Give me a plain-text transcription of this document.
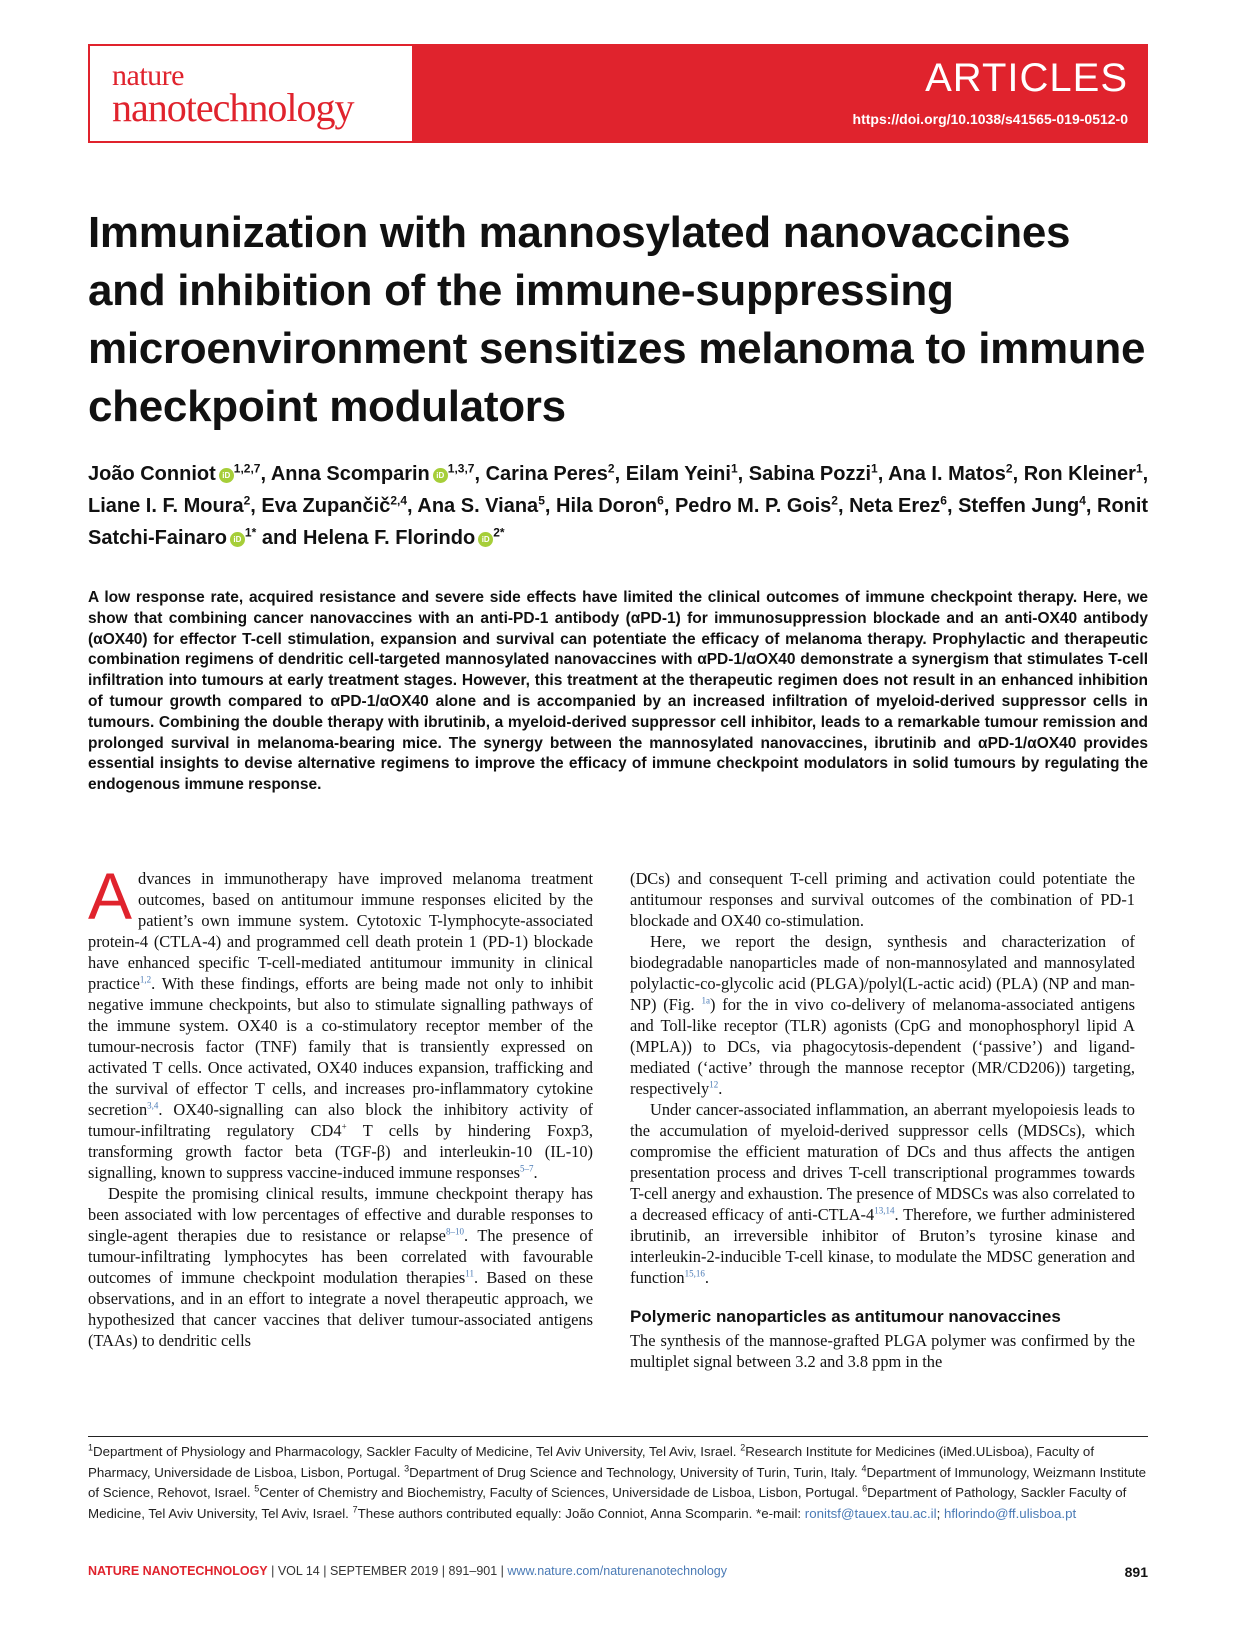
nature
nanotechnology
ARTICLES
https://doi.org/10.1038/s41565-019-0512-0
Immunization with mannosylated nanovaccines and inhibition of the immune-suppressing microenvironment sensitizes melanoma to immune checkpoint modulators

João Conniot iD$^{1,2,7}$, Anna Scomparin iD$^{1,3,7}$, Carina Peres$^2$, Eilam Yeini$^1$, Sabina Pozzi$^1$, Ana I. Matos$^2$, Ron Kleiner$^1$, Liane I. F. Moura$^2$, Eva Zupančič$^{2,4}$, Ana S. Viana$^5$, Hila Doron$^6$, Pedro M. P. Gois$^2$, Neta Erez$^6$, Steffen Jung$^4$, Ronit Satchi-Fainaro $iD^{1*}$ and Helena F. Florindo $iD^{2*}$

A low response rate, acquired resistance and severe side effects have limited the clinical outcomes of immune checkpoint therapy. Here, we show that combining cancer nanovaccines with an anti-PD-1 antibody (αPD-1) for immunosuppression blockade and an anti-OX40 antibody (αOX40) for effector T-cell stimulation, expansion and survival can potentiate the efficacy of melanoma therapy. Prophylactic and therapeutic combination regimens of dendritic cell-targeted mannosylated nanovaccines with αPD-1/αOX40 demonstrate a synergism that stimulates T-cell infiltration into tumours at early treatment stages. However, this treatment at the therapeutic regimen does not result in an enhanced inhibition of tumour growth compared to αPD-1/αOX40 alone and is accompanied by an increased infiltration of myeloid-derived suppressor cells in tumours. Combining the double therapy with ibrutinib, a myeloid-derived suppressor cell inhibitor, leads to a remarkable tumour remission and prolonged survival in melanoma-bearing mice. The synergy between the mannosylated nanovaccines, ibrutinib and αPD-1/αOX40 provides essential insights to devise alternative regimens to improve the efficacy of immune checkpoint modulators in solid tumours by regulating the endogenous immune response.

Advances in immunotherapy have improved melanoma treatment outcomes, based on antitumour immune responses elicited by the patient’s own immune system. Cytotoxic T-lymphocyte-associated protein-4 (CTLA-4) and programmed cell death protein 1 (PD-1) blockade have enhanced specific T-cell-mediated antitumour immunity in clinical practice$^{1,2}$. With these findings, efforts are being made not only to inhibit negative immune checkpoints, but also to stimulate signalling pathways of the immune system. OX40 is a co-stimulatory receptor member of the tumour-necrosis factor (TNF) family that is transiently expressed on activated T cells. Once activated, OX40 induces expansion, trafficking and the survival of effector T cells, and increases pro-inflammatory cytokine secretion$^{3,4}$. OX40-signalling can also block the inhibitory activity of tumour-infiltrating regulatory CD4+ T cells by hindering Foxp3, transforming growth factor beta (TGF-β) and interleukin-10 (IL-10) signalling, known to suppress vaccine-induced immune responses$^{5-7}$.

Despite the promising clinical results, immune checkpoint therapy has been associated with low percentages of effective and durable responses to single-agent therapies due to resistance or relapse$^{8-10}$. The presence of tumour-infiltrating lymphocytes has been correlated with favourable outcomes of immune checkpoint modulation therapies$^{11}$. Based on these observations, and in an effort to integrate a novel therapeutic approach, we hypothesized that cancer vaccines that deliver tumour-associated antigens (TAAs) to dendritic cells

(DCs) and consequent T-cell priming and activation could potentiate the antitumour responses and survival outcomes of the combination of PD-1 blockade and OX40 co-stimulation.

Here, we report the design, synthesis and characterization of biodegradable nanoparticles made of non-mannosylated and mannosylated polylactic-co-glycolic acid (PLGA)/polyl(L-actic acid) (PLA) (NP and man-NP) (Fig. $^{1a}$) for the in vivo co-delivery of melanoma-associated antigens and Toll-like receptor (TLR) agonists (CpG and monophosphoryl lipid A (MPLA)) to DCs, via phagocytosis-dependent (‘passive’) and ligand-mediated (‘active’ through the mannose receptor (MR/CD206)) targeting, respectively$^{12}$.

Under cancer-associated inflammation, an aberrant myelopoiesis leads to the accumulation of myeloid-derived suppressor cells (MDSCs), which compromise the efficient maturation of DCs and thus affects the antigen presentation process and drives T-cell transcriptional programmes towards T-cell anergy and exhaustion. The presence of MDSCs was also correlated to a decreased efficacy of anti-CTLA-4$^{13,14}$. Therefore, we further administered ibrutinib, an irreversible inhibitor of Bruton’s tyrosine kinase and interleukin-2-inducible T-cell kinase, to modulate the MDSC generation and function$^{15,16}$.

Polymeric nanoparticles as antitumour nanovaccines

The synthesis of the mannose-grafted PLGA polymer was confirmed by the multiplet signal between 3.2 and 3.8 ppm in the

$^1$Department of Physiology and Pharmacology, Sackler Faculty of Medicine, Tel Aviv University, Tel Aviv, Israel. $^2$Research Institute for Medicines (iMed.ULisboa), Faculty of Pharmacy, Universidade de Lisboa, Lisbon, Portugal. $^3$Department of Drug Science and Technology, University of Turin, Turin, Italy. $^4$Department of Immunology, Weizmann Institute of Science, Rehovot, Israel. $^5$Center of Chemistry and Biochemistry, Faculty of Sciences, Universidade de Lisboa, Lisbon, Portugal. $^6$Department of Pathology, Sackler Faculty of Medicine, Tel Aviv University, Tel Aviv, Israel. $^7$These authors contributed equally: João Conniot, Anna Scomparin. *e-mail: ronitsf@tauex.tau.ac.il; hflorindo@ff.ulisboa.pt

NATURE NANOTECHNOLOGY | VOL 14 | SEPTEMBER 2019 | 891–901 | www.nature.com/naturenanotechnology	891
